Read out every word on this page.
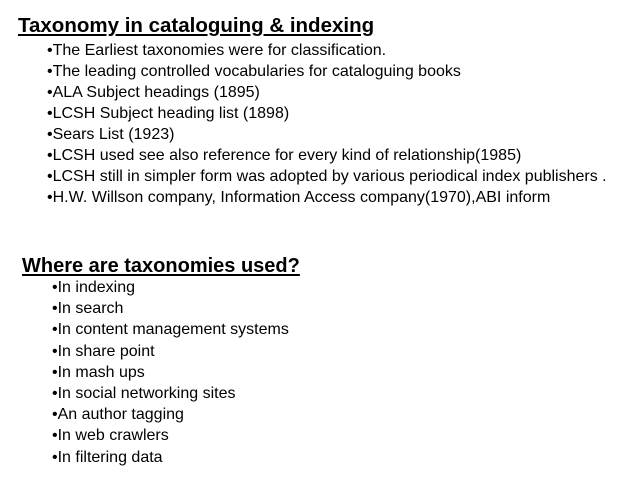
Taxonomy in cataloguing & indexing
•The Earliest taxonomies were for classification.
•The leading controlled vocabularies for cataloguing books
•ALA Subject headings (1895)
•LCSH Subject heading list (1898)
•Sears List (1923)
•LCSH used see also reference for every kind of relationship(1985)
•LCSH still in simpler form was adopted by various periodical index publishers .
•H.W. Willson company, Information Access company(1970),ABI inform
Where are taxonomies used?
•In indexing
•In search
•In content management systems
•In share point
•In mash ups
•In social networking sites
•An author tagging
•In web crawlers
•In filtering data
